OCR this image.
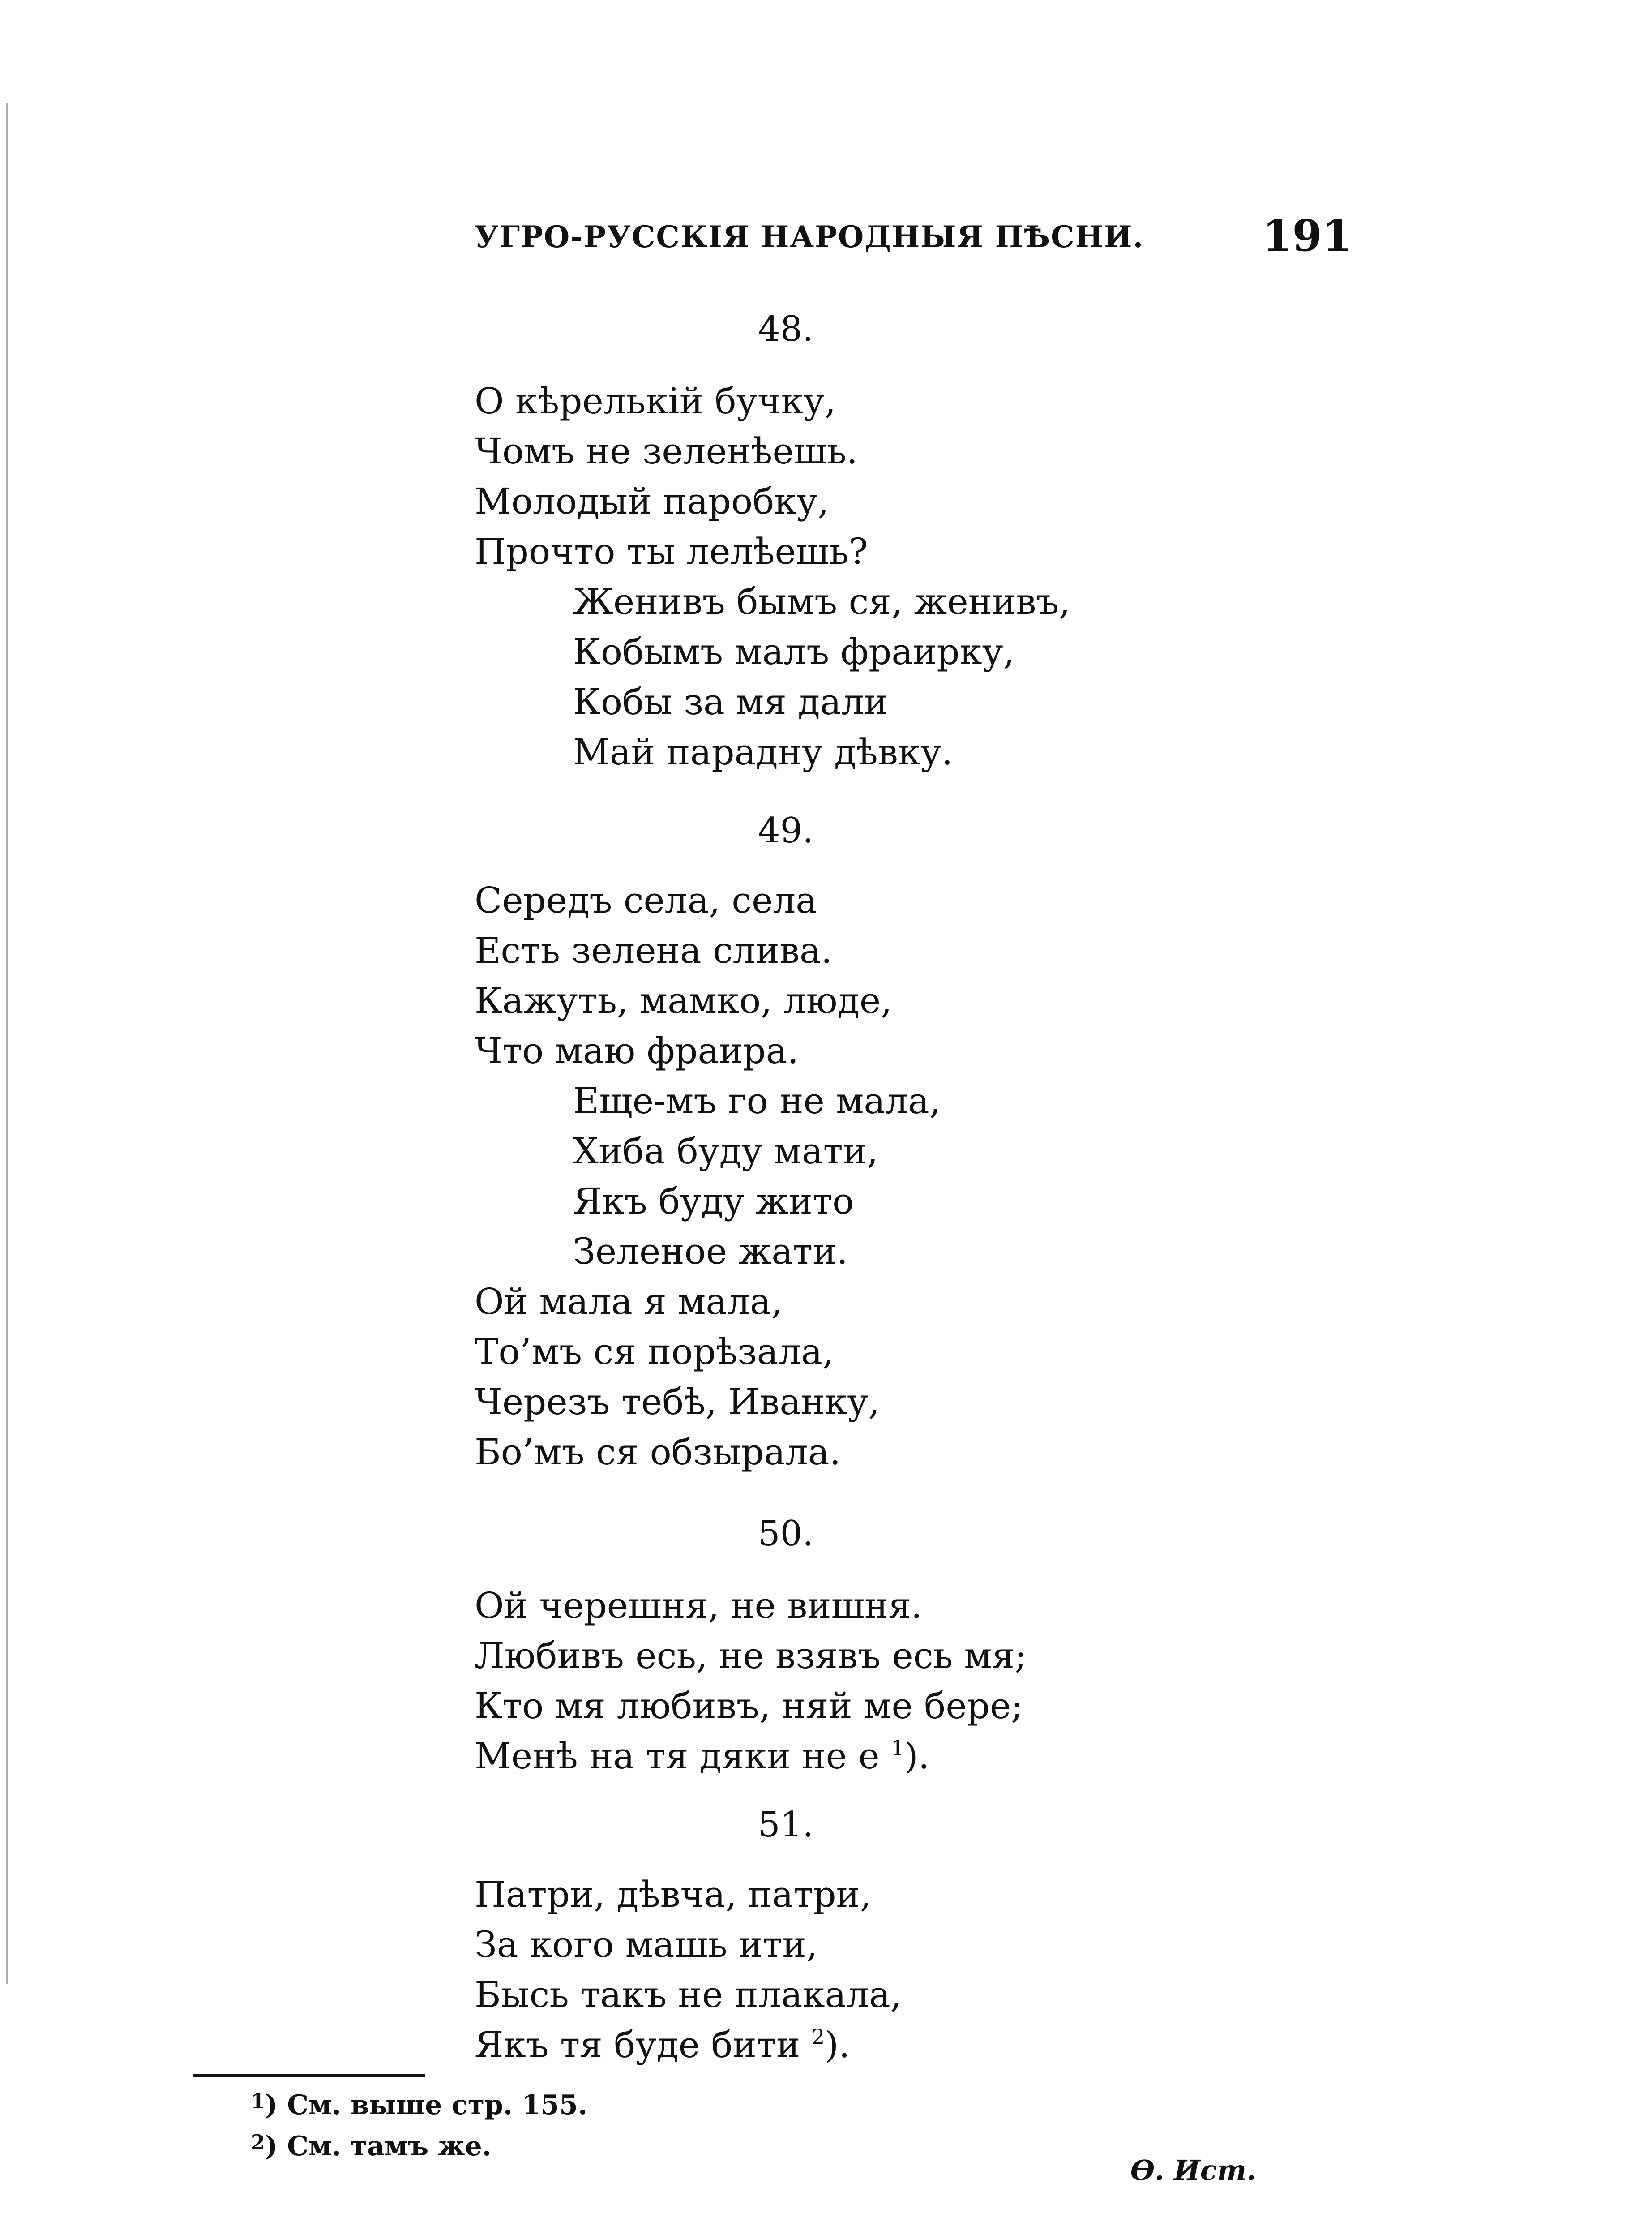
УГРО-РУССКІЯ НАРОДНЫЯ ПѢСНИ.	191
48.
О кѣрелькій бучку,
Чомъ не зеленѣешь.
Молодый паробку,
Прочто ты лелѣешь?
Женивъ бымъ ся, женивъ,
Кобымъ малъ фраирку,
Кобы за мя дали
Май парадну дѣвку.
49.
Середъ села, села
Есть зелена слива.
Кажуть, мамко, люде,
Что маю фраира.
Еще-мъ го не мала,
Хиба буду мати,
Якъ буду жито
Зеленое жати.
Ой мала я мала,
То’мъ ся порѣзала,
Черезъ тебѣ, Иванку,
Бо’мъ ся обзырала.
50.
Ой черешня, не вишня.
Любивъ есь, не взявъ есь мя;
Кто мя любивъ, няй ме бере;
Менѣ на тя дяки не е $^1$).
51.
Патри, дѣвча, патри,
За кого машь ити,
Бысь такъ не плакала,
Якъ тя буде бити $^2$).
$^1$) См. выше стр. 155.
$^2$) См. тамъ же.
Ѳ. Ист.
